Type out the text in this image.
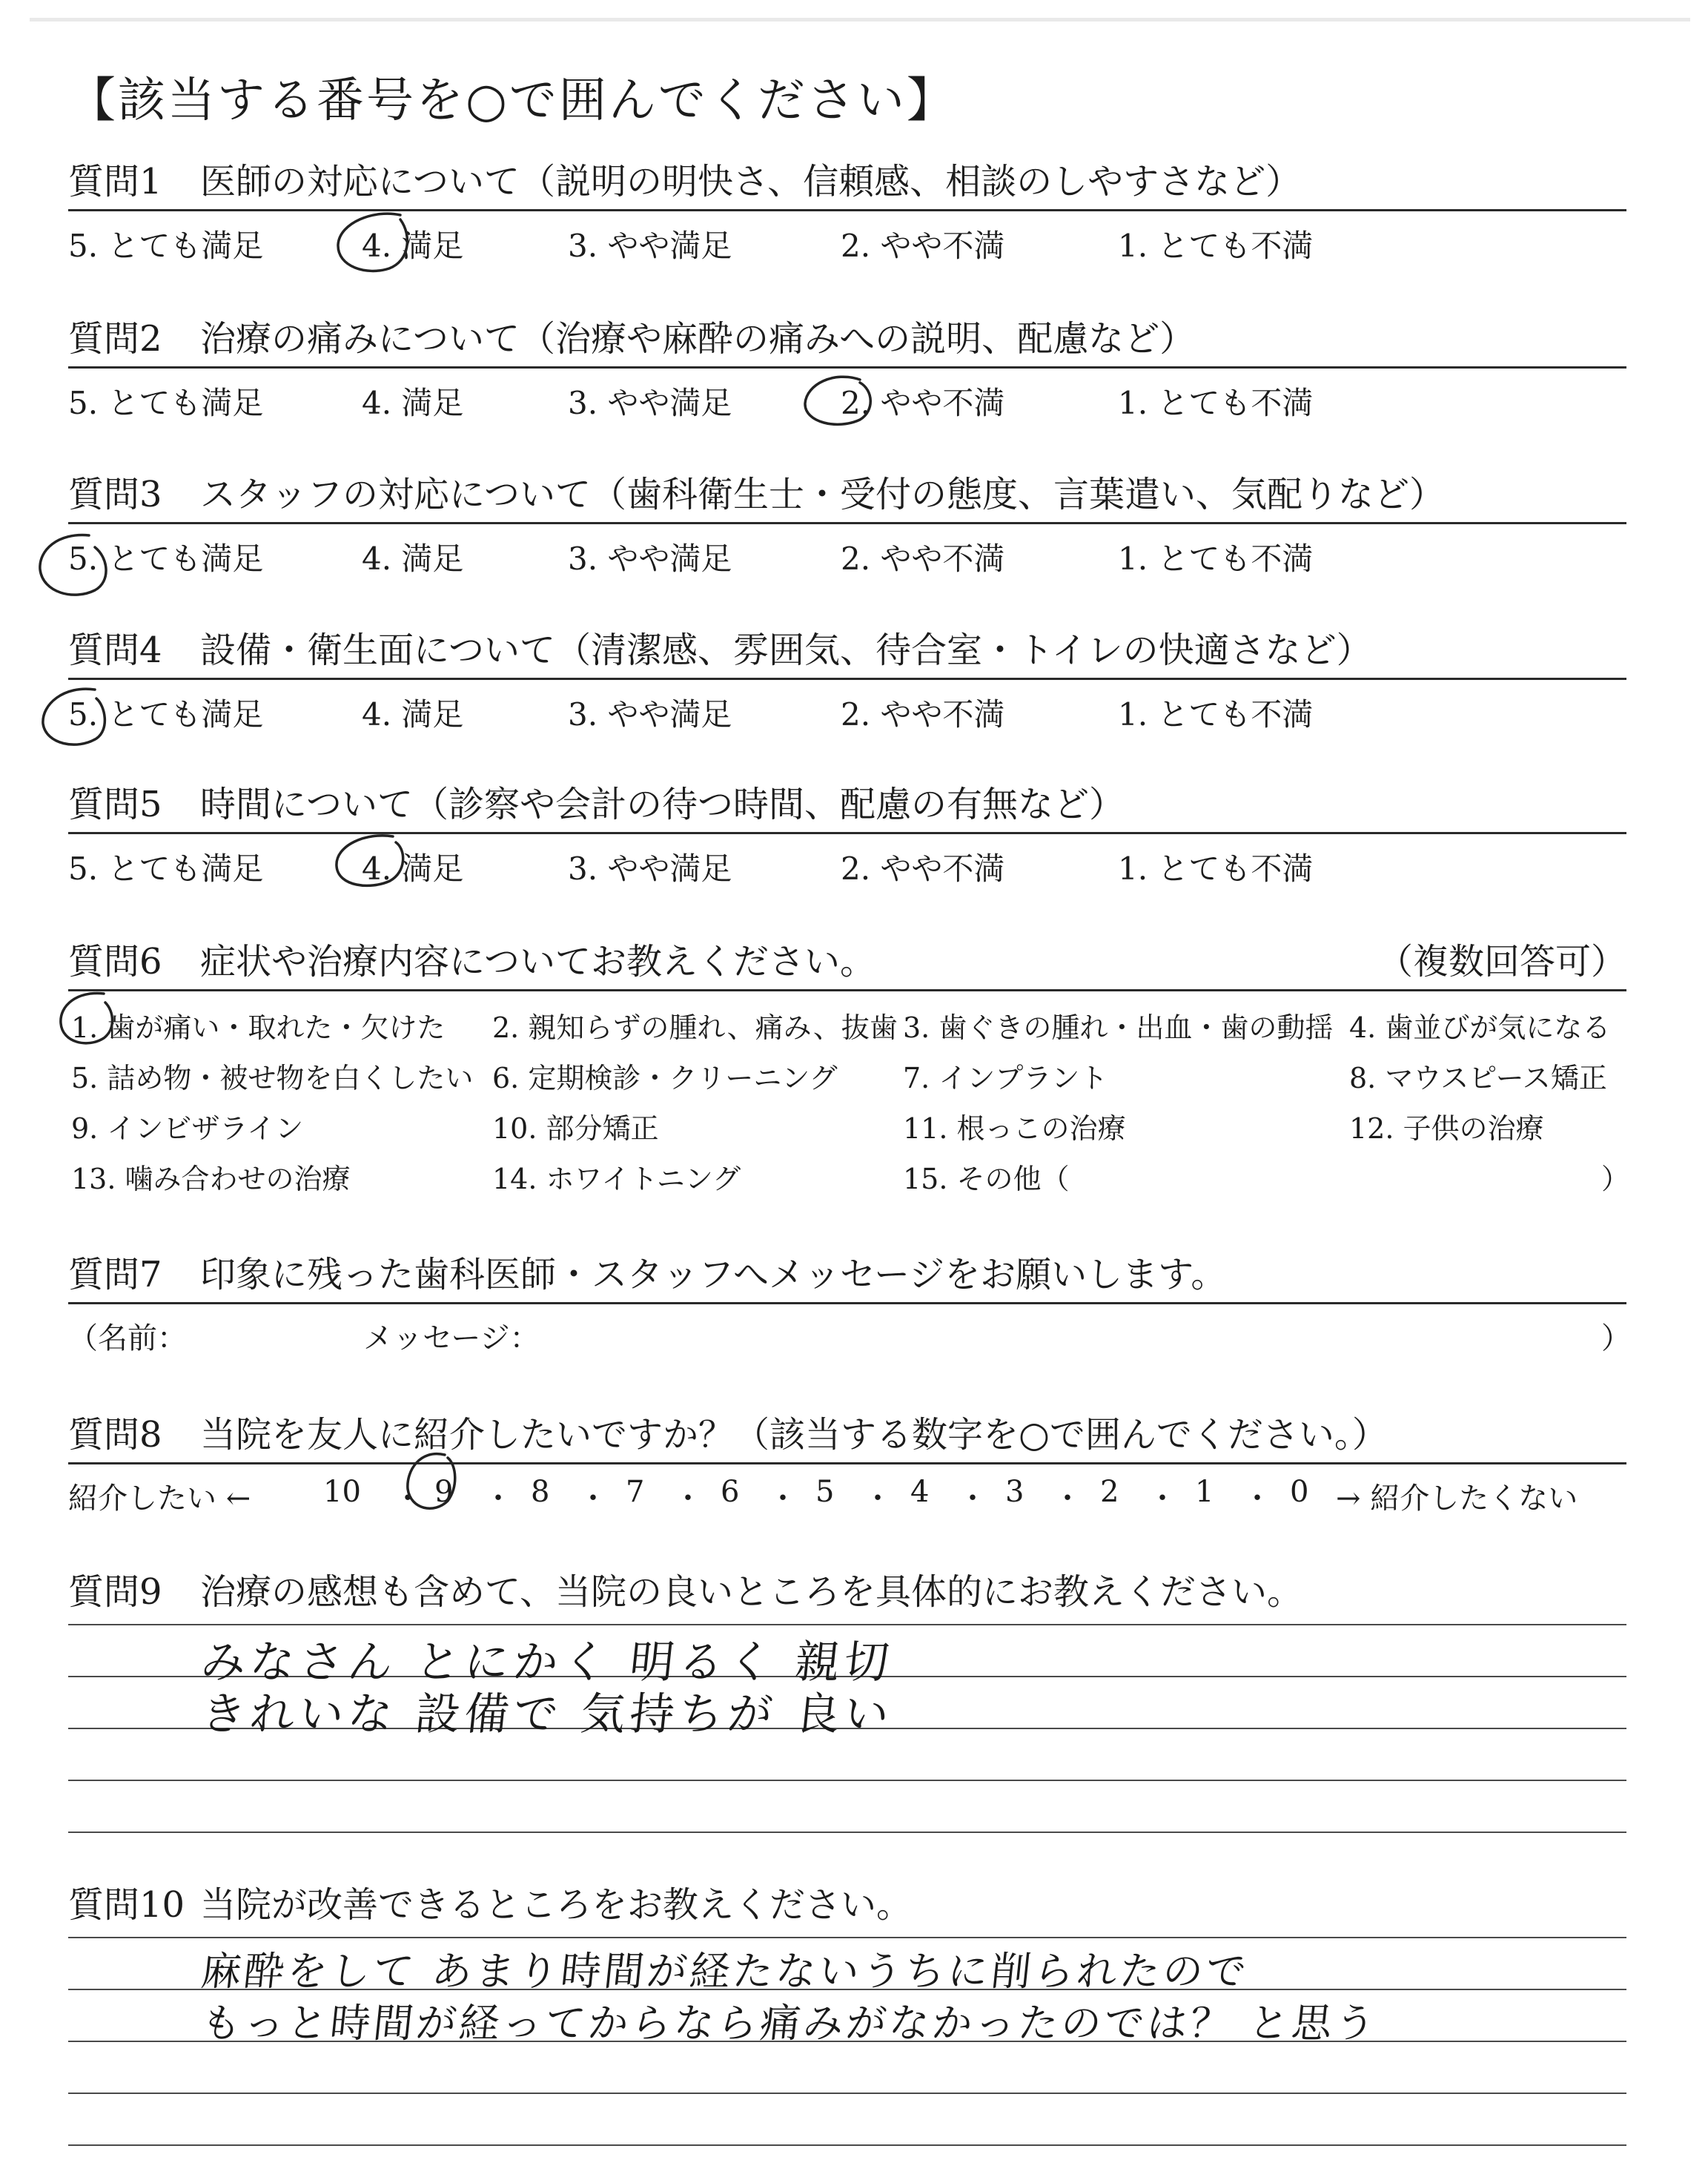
【該当する番号を○で囲んでください】
質問1	医師の対応について（説明の明快さ、信頼感、相談のしやすさなど）
5. とても満足	4. 満足	3. やや満足	2. やや不満	1. とても不満
質問2	治療の痛みについて（治療や麻酔の痛みへの説明、配慮など）
5. とても満足	4. 満足	3. やや満足	2. やや不満	1. とても不満
質問3	スタッフの対応について（歯科衛生士・受付の態度、言葉遣い、気配りなど）
5. とても満足	4. 満足	3. やや満足	2. やや不満	1. とても不満
質問4	設備・衛生面について（清潔感、雰囲気、待合室・トイレの快適さなど）
5. とても満足	4. 満足	3. やや満足	2. やや不満	1. とても不満
質問5	時間について（診察や会計の待つ時間、配慮の有無など）
5. とても満足	4. 満足	3. やや満足	2. やや不満	1. とても不満
質問6	症状や治療内容についてお教えください。	（複数回答可）
1. 歯が痛い・取れた・欠けた 2. 親知らずの腫れ、痛み、抜歯 3. 歯ぐきの腫れ・出血・歯の動揺 4. 歯並びが気になる
5. 詰め物・被せ物を白くしたい 6. 定期検診・クリーニング 7. インプラント	8. マウスピース矯正
9. インビザライン	10. 部分矯正	11. 根っこの治療	12. 子供の治療
13. 噛み合わせの治療	14. ホワイトニング	15. その他（	）
質問7	印象に残った歯科医師・スタッフへメッセージをお願いします。
（名前：	メッセージ：	）
質問8	当院を友人に紹介したいですか？（該当する数字を○で囲んでください。）
紹介したい ← 10 ・ 9 ・ 8 ・ 7 ・ 6 ・ 5 ・ 4 ・ 3 ・ 2 ・ 1 ・ 0 → 紹介したくない
質問9	治療の感想も含めて、当院の良いところを具体的にお教えください。
みなさん とにかく 明るく 親切
きれいな 設備で 気持ちが 良い
質問10 当院が改善できるところをお教えください。
麻酔をして あまり時間が経たないうちに削られたので
もっと時間が経ってからなら痛みがなかったのでは？ と思う
